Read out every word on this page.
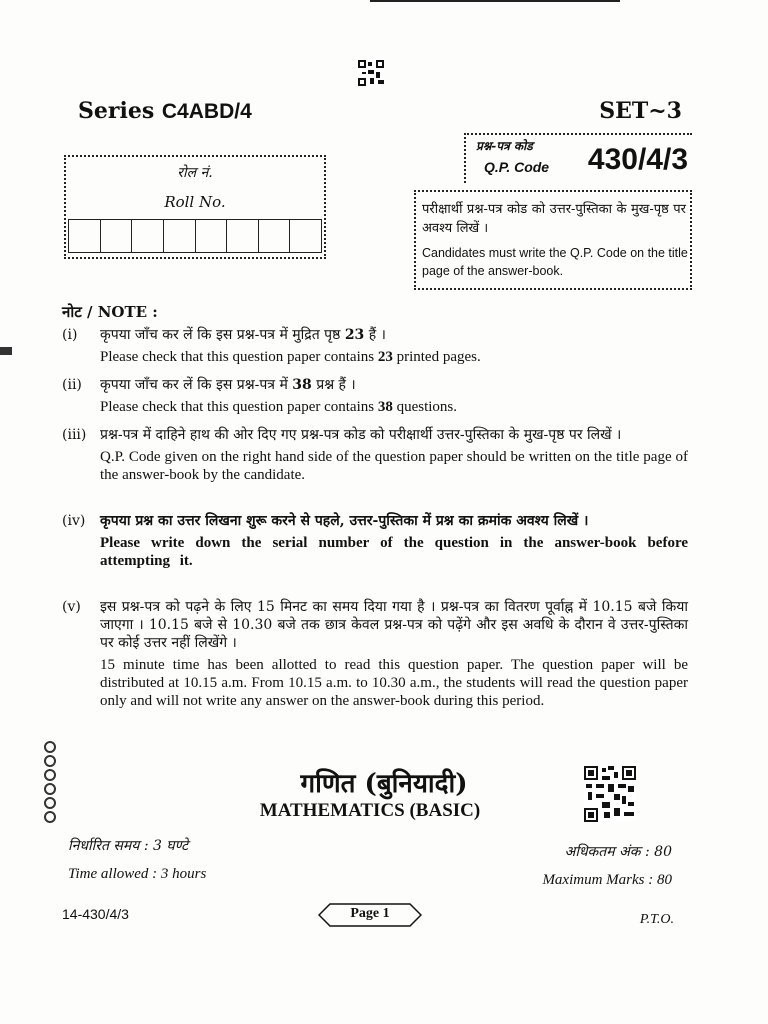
Series C4ABD/4	SET~3
रोल नं.
Roll No.
प्रश्न-पत्र कोड
Q.P. Code 430/4/3
परीक्षार्थी प्रश्न-पत्र कोड को उत्तर-पुस्तिका के मुख-पृष्ठ पर अवश्य लिखें ।
Candidates must write the Q.P. Code on the title page of the answer-book.
नोट / NOTE :
(i) कृपया जाँच कर लें कि इस प्रश्न-पत्र में मुद्रित पृष्ठ 23 हैं ।
Please check that this question paper contains 23 printed pages.
(ii) कृपया जाँच कर लें कि इस प्रश्न-पत्र में 38 प्रश्न हैं ।
Please check that this question paper contains 38 questions.
(iii) प्रश्न-पत्र में दाहिने हाथ की ओर दिए गए प्रश्न-पत्र कोड को परीक्षार्थी उत्तर-पुस्तिका के मुख-पृष्ठ पर लिखें ।
Q.P. Code given on the right hand side of the question paper should be written on the title page of the answer-book by the candidate.
(iv) कृपया प्रश्न का उत्तर लिखना शुरू करने से पहले, उत्तर-पुस्तिका में प्रश्न का क्रमांक अवश्य लिखें ।
Please write down the serial number of the question in the answer-book before attempting it.
(v) इस प्रश्न-पत्र को पढ़ने के लिए 15 मिनट का समय दिया गया है । प्रश्न-पत्र का वितरण पूर्वाह्न में 10.15 बजे किया जाएगा । 10.15 बजे से 10.30 बजे तक छात्र केवल प्रश्न-पत्र को पढ़ेंगे और इस अवधि के दौरान वे उत्तर-पुस्तिका पर कोई उत्तर नहीं लिखेंगे ।
15 minute time has been allotted to read this question paper. The question paper will be distributed at 10.15 a.m. From 10.15 a.m. to 10.30 a.m., the students will read the question paper only and will not write any answer on the answer-book during this period.
गणित (बुनियादी)
MATHEMATICS (BASIC)
निर्धारित समय : 3 घण्टे
Time allowed : 3 hours
अधिकतम अंक : 80
Maximum Marks : 80
14-430/4/3	Page 1	P.T.O.
